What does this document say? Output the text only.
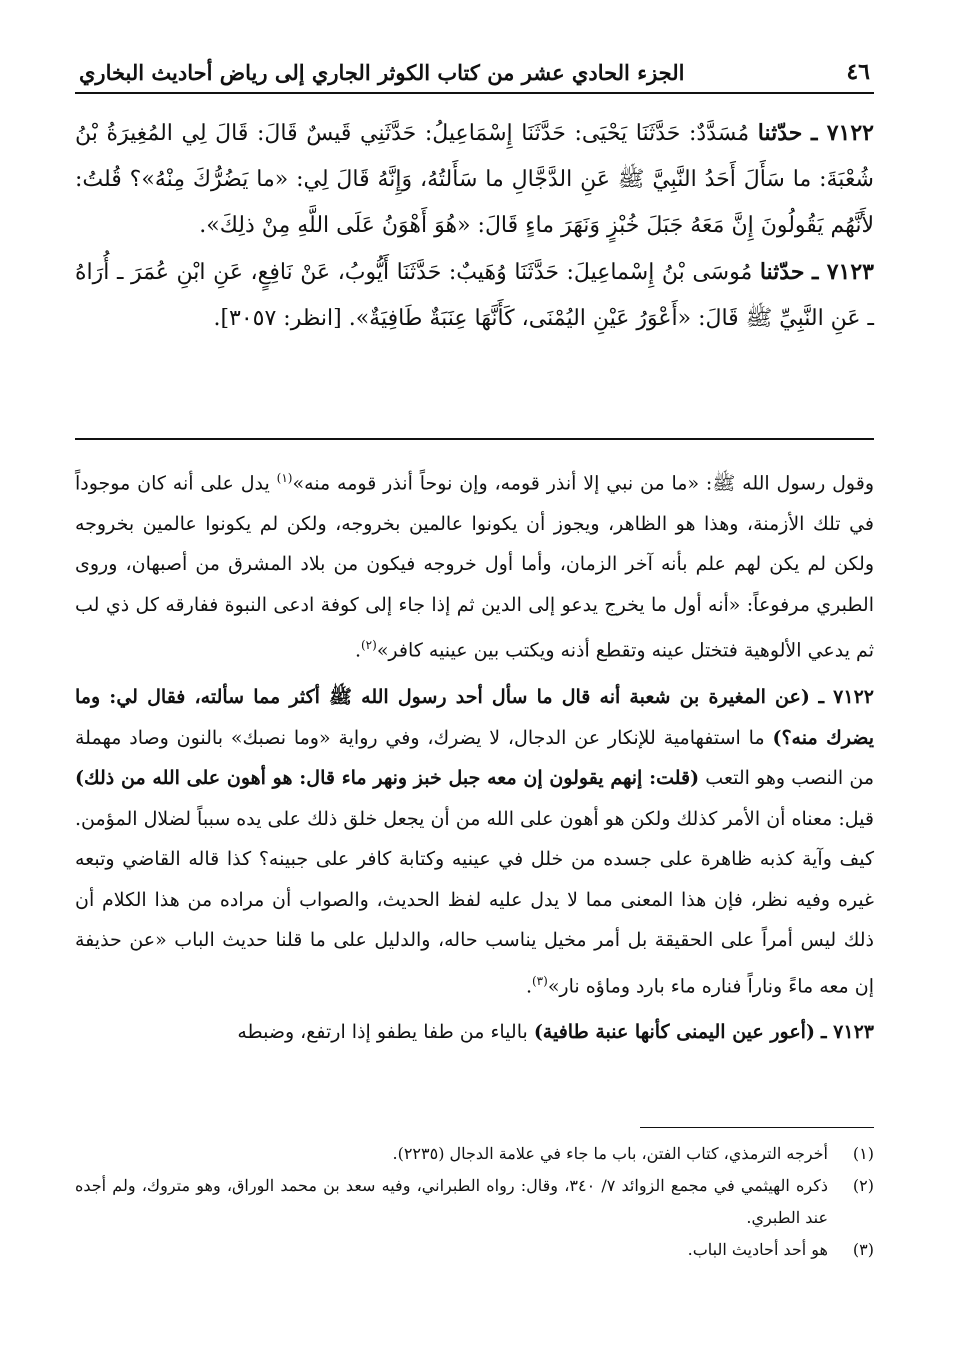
٤٦
الجزء الحادي عشر من كتاب الكوثر الجاري إلى رياض أحاديث البخاري

٧١٢٢ ـ حدّثنا مُسَدَّدٌ: حَدَّثَنَا يَحْيَى: حَدَّثَنَا إِسْمَاعِيلُ: حَدَّثَنِي قَيسٌ قَالَ: قَالَ لِي المُغِيرَةُ بْنُ شُعْبَةَ: ما سَأَلَ أَحَدُ النَّبِيَّ ﷺ عَنِ الدَّجَّالِ ما سَأَلتُهُ، وَإِنَّهُ قَالَ لِي: «ما يَضُرُّكَ مِنْهُ»؟ قُلتُ: لأَنَّهُم يَقُولُونَ إِنَّ مَعَهُ جَبَلَ خُبْزٍ وَنَهَرَ ماءٍ قَالَ: «هُوَ أَهْوَنُ عَلَى اللَّهِ مِنْ ذلِكَ».

٧١٢٣ ـ حدّثنا مُوسَى بْنُ إِسْماعِيلَ: حَدَّثَنَا وُهَيبٌ: حَدَّثَنَا أَيُّوبُ، عَنْ نَافِعٍ، عَنِ ابْنِ عُمَرَ ـ أُرَاهُ ـ عَنِ النَّبِيِّ ﷺ قَالَ: «أَعْوَرُ عَيْنِ اليُمْنَى، كَأَنَّهَا عِنَبَةٌ طَافِيَةٌ». [انظر: ٣٠٥٧].

وقول رسول الله ﷺ: «ما من نبي إلا أنذر قومه، وإن نوحاً أنذر قومه منه»$^{(١)}$ يدل على أنه كان موجوداً في تلك الأزمنة، وهذا هو الظاهر، ويجوز أن يكونوا عالمين بخروجه، ولكن لم يكونوا عالمين بخروجه ولكن لم يكن لهم علم بأنه آخر الزمان، وأما أول خروجه فيكون من بلاد المشرق من أصبهان، وروى الطبري مرفوعاً: «أنه أول ما يخرج يدعو إلى الدين ثم إذا جاء إلى كوفة ادعى النبوة ففارقه كل ذي لب ثم يدعي الألوهية فتختل عينه وتقطع أذنه ويكتب بين عينيه كافر»$^{(٢)}$.

٧١٢٢ ـ (عن المغيرة بن شعبة أنه قال ما سأل أحد رسول الله ﷺ أكثر مما سألته، فقال لي: وما يضرك منه؟) ما استفهامية للإنكار عن الدجال، لا يضرك، وفي رواية «وما نصبك» بالنون وصاد مهملة من النصب وهو التعب (قلت: إنهم يقولون إن معه جبل خبز ونهر ماء قال: هو أهون على الله من ذلك) قيل: معناه أن الأمر كذلك ولكن هو أهون على الله من أن يجعل خلق ذلك على يده سبباً لضلال المؤمن. كيف وآية كذبه ظاهرة على جسده من خلل في عينيه وكتابة كافر على جبينه؟ كذا قاله القاضي وتبعه غيره وفيه نظر، فإن هذا المعنى مما لا يدل عليه لفظ الحديث، والصواب أن مراده من هذا الكلام أن ذلك ليس أمراً على الحقيقة بل أمر مخيل يناسب حاله، والدليل على ما قلنا حديث الباب «عن حذيفة إن معه ماءً وناراً فناره ماء بارد وماؤه نار»$^{(٣)}$.

٧١٢٣ ـ (أعور عين اليمنى كأنها عنبة طافية) بالياء من طفا يطفو إذا ارتفع، وضبطه

(١)
أخرجه الترمذي، كتاب الفتن، باب ما جاء في علامة الدجال (٢٢٣٥).

(٢)
ذكره الهيثمي في مجمع الزوائد ٧/ ٣٤٠، وقال: رواه الطبراني، وفيه سعد بن محمد الوراق، وهو متروك، ولم أجده عند الطبري.

(٣)
هو أحد أحاديث الباب.
